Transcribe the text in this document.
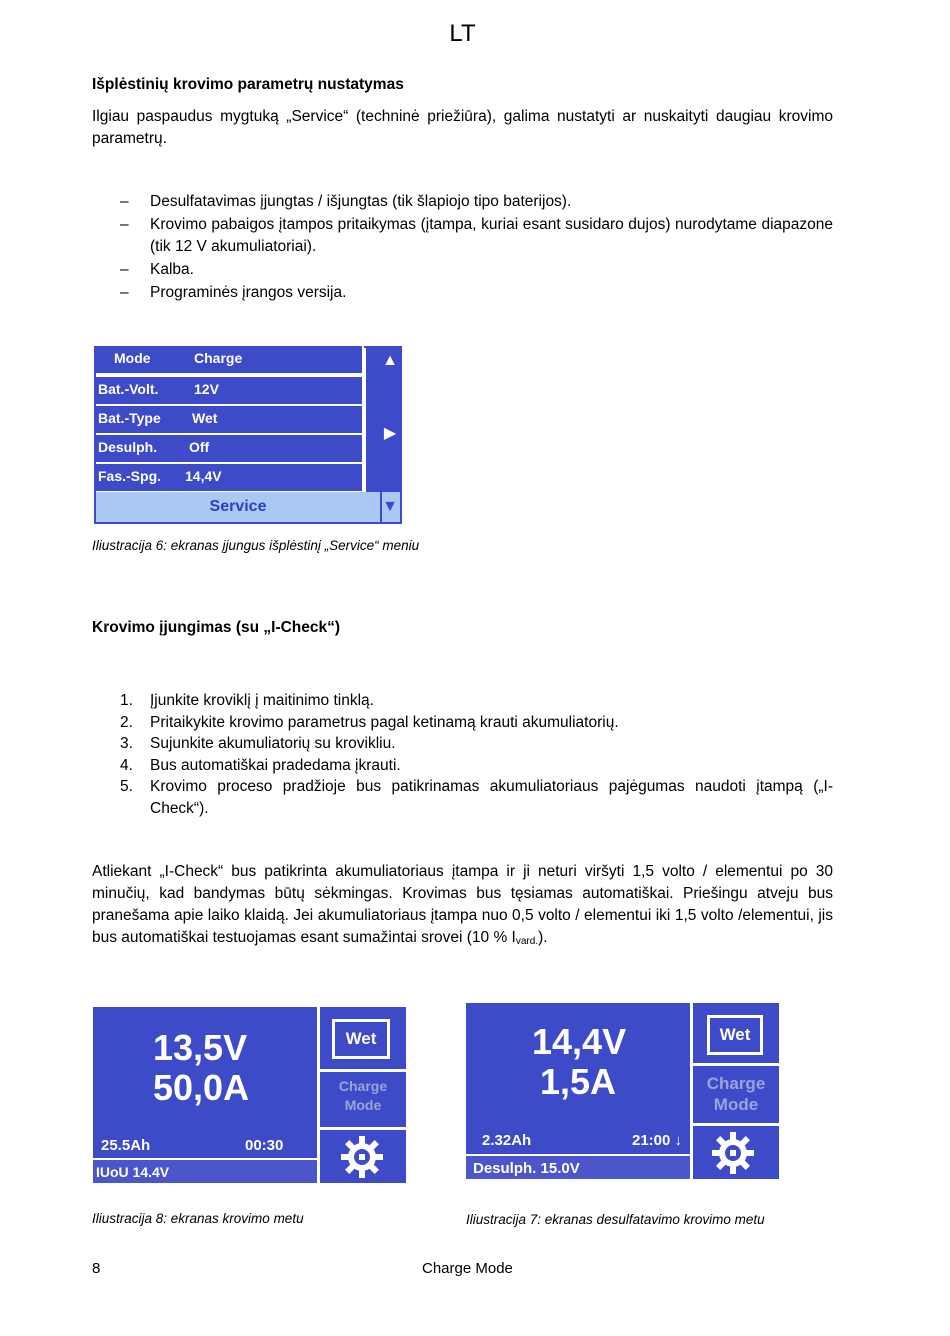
LT
Išplėstinių krovimo parametrų nustatymas
Ilgiau paspaudus mygtuką „Service“ (techninė priežiūra), galima nustatyti ar nuskaityti daugiau krovimo parametrų.
– Desulfatavimas įjungtas / išjungtas (tik šlapiojo tipo baterijos).
– Krovimo pabaigos įtampos pritaikymas (įtampa, kuriai esant susidaro dujos) nurodytame diapazone (tik 12 V akumuliatoriai).
– Kalba.
– Programinės įrangos versija.
Mode	Charge
Bat.-Volt.	12V
Bat.-Type Wet
Desulph. Off
Fas.-Spg. 14,4V
▲
▶
Service	▼
Iliustracija 6: ekranas įjungus išplėstinį „Service“ meniu
Krovimo įjungimas (su „I-Check“)
1. Įjunkite kroviklį į maitinimo tinklą.
2. Pritaikykite krovimo parametrus pagal ketinamą krauti akumuliatorių.
3. Sujunkite akumuliatorių su krovikliu.
4. Bus automatiškai pradedama įkrauti.
5. Krovimo proceso pradžioje bus patikrinamas akumuliatoriaus pajėgumas naudoti įtampą („I-Check“).
Atliekant „I-Check“ bus patikrinta akumuliatoriaus įtampa ir ji neturi viršyti 1,5 volto / elementui po 30 minučių, kad bandymas būtų sėkmingas. Krovimas bus tęsiamas automatiškai. Priešingu atveju bus pranešama apie laiko klaidą. Jei akumuliatoriaus įtampa nuo 0,5 volto / elementui iki 1,5 volto /elementui, jis bus automatiškai testuojamas esant sumažintai srovei (10 % $I_{vard.}$).
13,5V
50,0A
25.5Ah	00:30
IUoU 14.4V
Wet
Charge
Mode
Iliustracija 8: ekranas krovimo metu
14,4V
1,5A
2.32Ah	21:00 ↓
Desulph. 15.0V
Wet
Charge
Mode
Iliustracija 7: ekranas desulfatavimo krovimo metu
8	Charge Mode
